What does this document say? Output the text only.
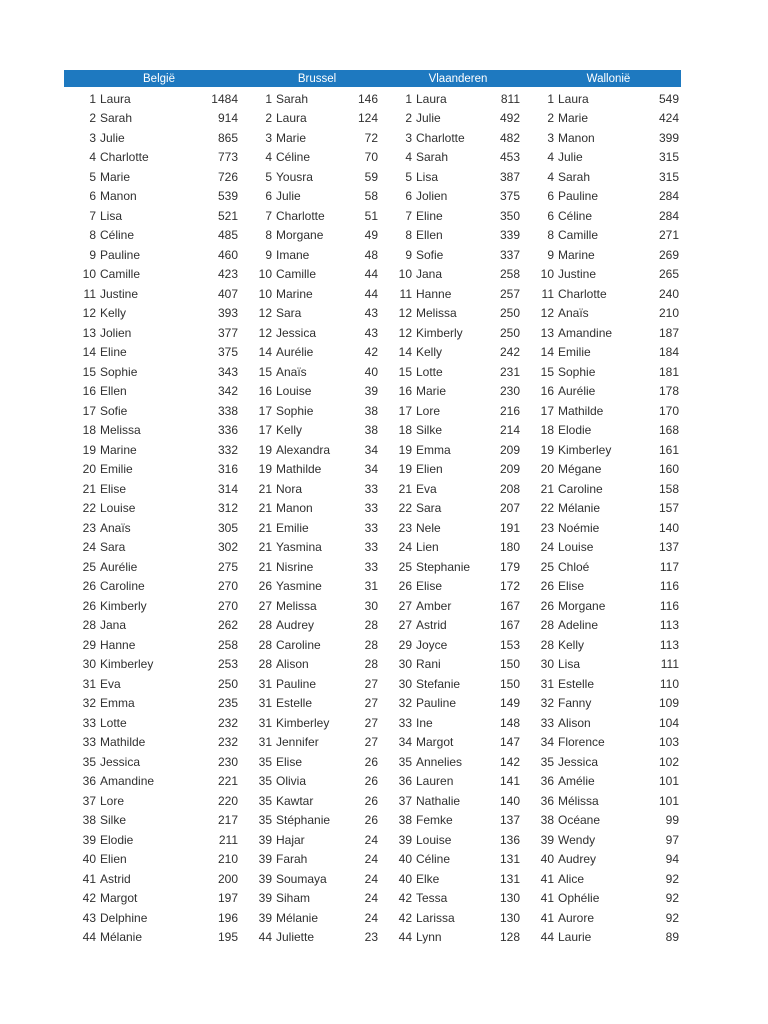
België	Brussel	Vlaanderen	Wallonië
1 Laura	1484	1 Sarah	146	1 Laura	811	1 Laura	549
2 Sarah	914	2 Laura	124	2 Julie	492	2 Marie	424
3 Julie	865	3 Marie	72	3 Charlotte	482	3 Manon	399
4 Charlotte	773	4 Céline	70	4 Sarah	453	4 Julie	315
5 Marie	726	5 Yousra	59	5 Lisa	387	4 Sarah	315
6 Manon	539	6 Julie	58	6 Jolien	375	6 Pauline	284
7 Lisa	521	7 Charlotte	51	7 Eline	350	6 Céline	284
8 Céline	485	8 Morgane	49	8 Ellen	339	8 Camille	271
9 Pauline	460	9 Imane	48	9 Sofie	337	9 Marine	269
10 Camille	423	10 Camille	44	10 Jana	258	10 Justine	265
11 Justine	407	10 Marine	44	11 Hanne	257	11 Charlotte	240
12 Kelly	393	12 Sara	43	12 Melissa	250	12 Anaïs	210
13 Jolien	377	12 Jessica	43	12 Kimberly	250	13 Amandine	187
14 Eline	375	14 Aurélie	42	14 Kelly	242	14 Emilie	184
15 Sophie	343	15 Anaïs	40	15 Lotte	231	15 Sophie	181
16 Ellen	342	16 Louise	39	16 Marie	230	16 Aurélie	178
17 Sofie	338	17 Sophie	38	17 Lore	216	17 Mathilde	170
18 Melissa	336	17 Kelly	38	18 Silke	214	18 Elodie	168
19 Marine	332	19 Alexandra	34	19 Emma	209	19 Kimberley	161
20 Emilie	316	19 Mathilde	34	19 Elien	209	20 Mégane	160
21 Elise	314	21 Nora	33	21 Eva	208	21 Caroline	158
22 Louise	312	21 Manon	33	22 Sara	207	22 Mélanie	157
23 Anaïs	305	21 Emilie	33	23 Nele	191	23 Noémie	140
24 Sara	302	21 Yasmina	33	24 Lien	180	24 Louise	137
25 Aurélie	275	21 Nisrine	33	25 Stephanie	179	25 Chloé	117
26 Caroline	270	26 Yasmine	31	26 Elise	172	26 Elise	116
26 Kimberly	270	27 Melissa	30	27 Amber	167	26 Morgane	116
28 Jana	262	28 Audrey	28	27 Astrid	167	28 Adeline	113
29 Hanne	258	28 Caroline	28	29 Joyce	153	28 Kelly	113
30 Kimberley	253	28 Alison	28	30 Rani	150	30 Lisa	111
31 Eva	250	31 Pauline	27	30 Stefanie	150	31 Estelle	110
32 Emma	235	31 Estelle	27	32 Pauline	149	32 Fanny	109
33 Lotte	232	31 Kimberley	27	33 Ine	148	33 Alison	104
33 Mathilde	232	31 Jennifer	27	34 Margot	147	34 Florence	103
35 Jessica	230	35 Elise	26	35 Annelies	142	35 Jessica	102
36 Amandine	221	35 Olivia	26	36 Lauren	141	36 Amélie	101
37 Lore	220	35 Kawtar	26	37 Nathalie	140	36 Mélissa	101
38 Silke	217	35 Stéphanie	26	38 Femke	137	38 Océane	99
39 Elodie	211	39 Hajar	24	39 Louise	136	39 Wendy	97
40 Elien	210	39 Farah	24	40 Céline	131	40 Audrey	94
41 Astrid	200	39 Soumaya	24	40 Elke	131	41 Alice	92
42 Margot	197	39 Siham	24	42 Tessa	130	41 Ophélie	92
43 Delphine	196	39 Mélanie	24	42 Larissa	130	41 Aurore	92
44 Mélanie	195	44 Juliette	23	44 Lynn	128	44 Laurie	89
